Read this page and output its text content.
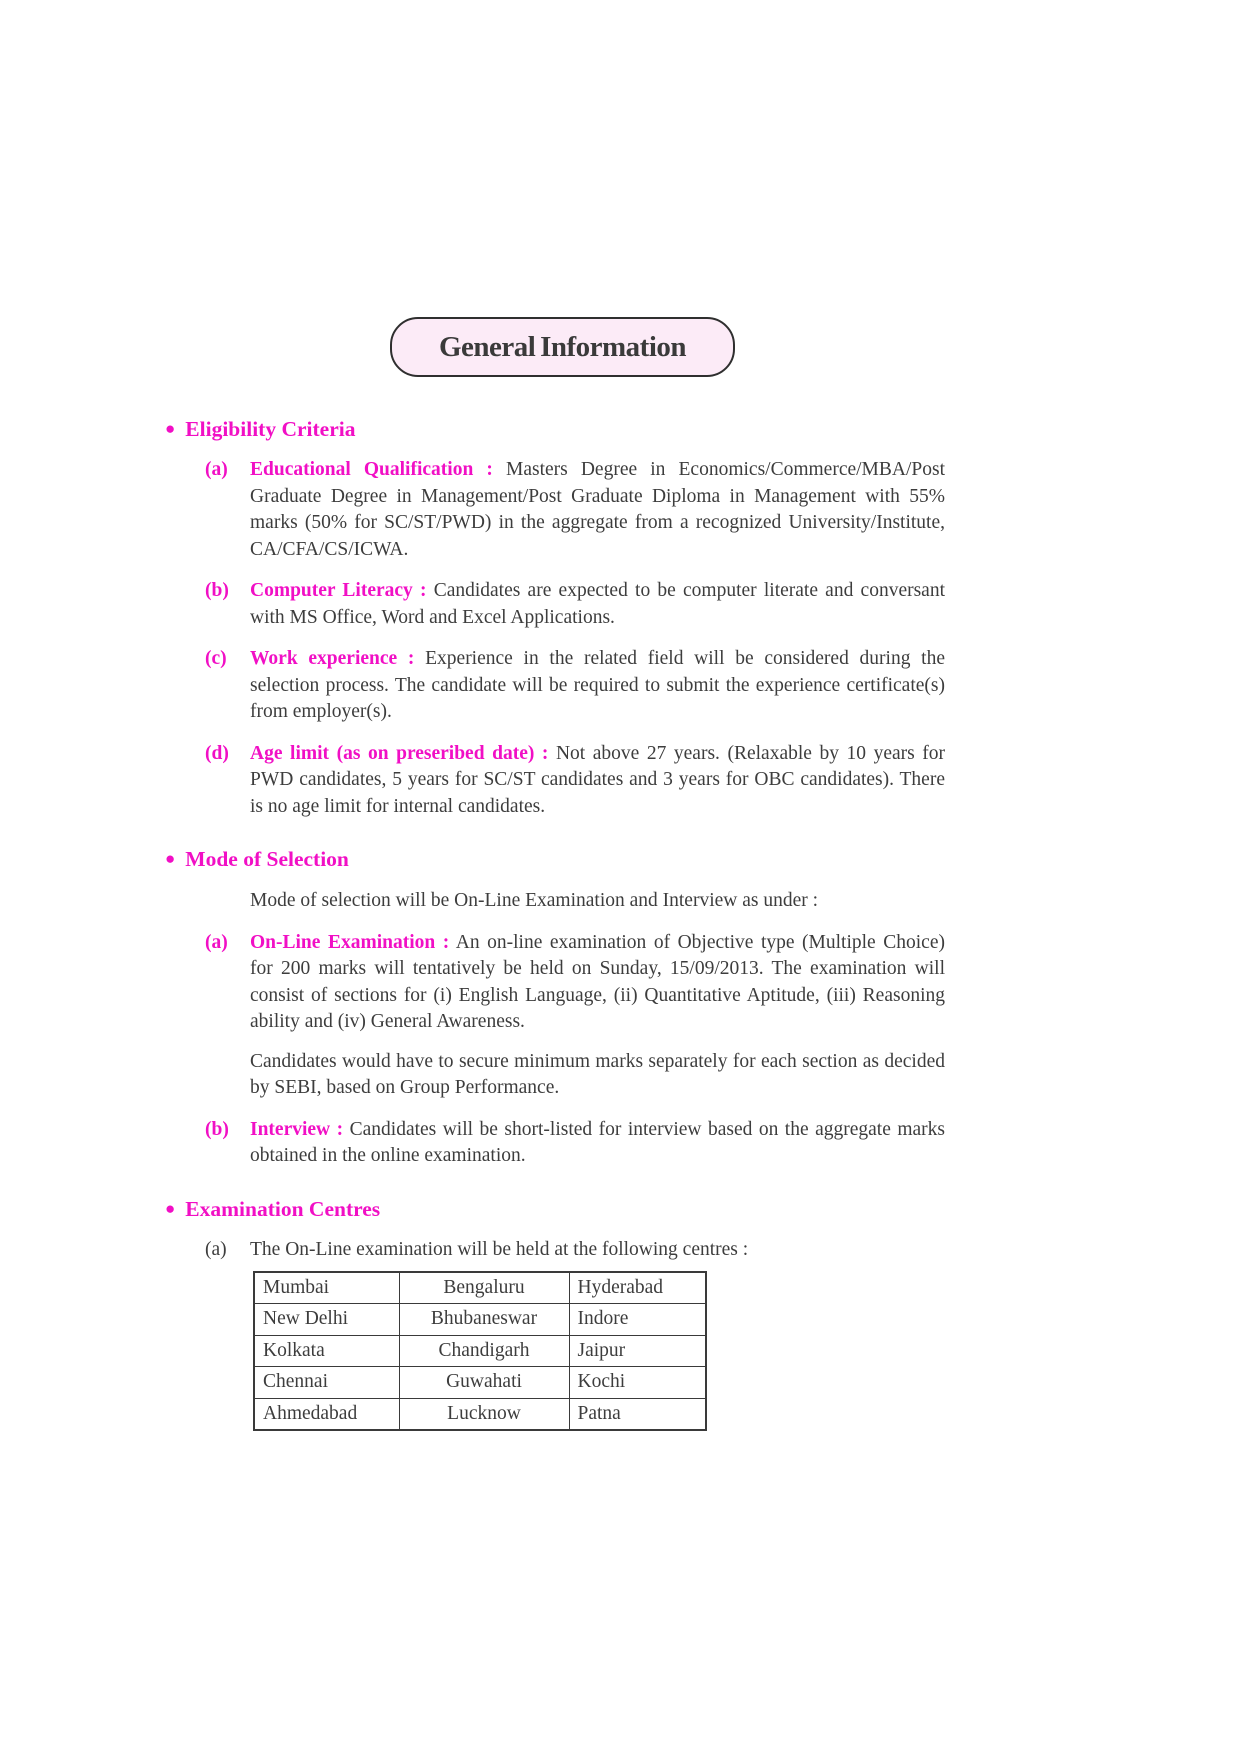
General Information
● Eligibility Criteria
(a)	Educational Qualification : Masters Degree in Economics/Commerce/MBA/Post Graduate Degree in Management/Post Graduate Diploma in Management with 55% marks (50% for SC/ST/PWD) in the aggregate from a recognized University/Institute, CA/CFA/CS/ICWA.
(b)	Computer Literacy : Candidates are expected to be computer literate and conversant with MS Office, Word and Excel Applications.
(c)	Work experience : Experience in the related field will be considered during the selection process. The candidate will be required to submit the experience certificate(s) from employer(s).
(d)	Age limit (as on preseribed date) : Not above 27 years. (Relaxable by 10 years for PWD candidates, 5 years for SC/ST candidates and 3 years for OBC candidates). There is no age limit for internal candidates.
● Mode of Selection
Mode of selection will be On-Line Examination and Interview as under :
(a)	On-Line Examination : An on-line examination of Objective type (Multiple Choice) for 200 marks will tentatively be held on Sunday, 15/09/2013. The examination will consist of sections for (i) English Language, (ii) Quantitative Aptitude, (iii) Reasoning ability and (iv) General Awareness.
Candidates would have to secure minimum marks separately for each section as decided by SEBI, based on Group Performance.
(b)	Interview : Candidates will be short-listed for interview based on the aggregate marks obtained in the online examination.
● Examination Centres
(a)	The On-Line examination will be held at the following centres :
Mumbai	Bengaluru	Hyderabad
New Delhi	Bhubaneswar	Indore
Kolkata	Chandigarh	Jaipur
Chennai	Guwahati	Kochi
Ahmedabad	Lucknow	Patna
